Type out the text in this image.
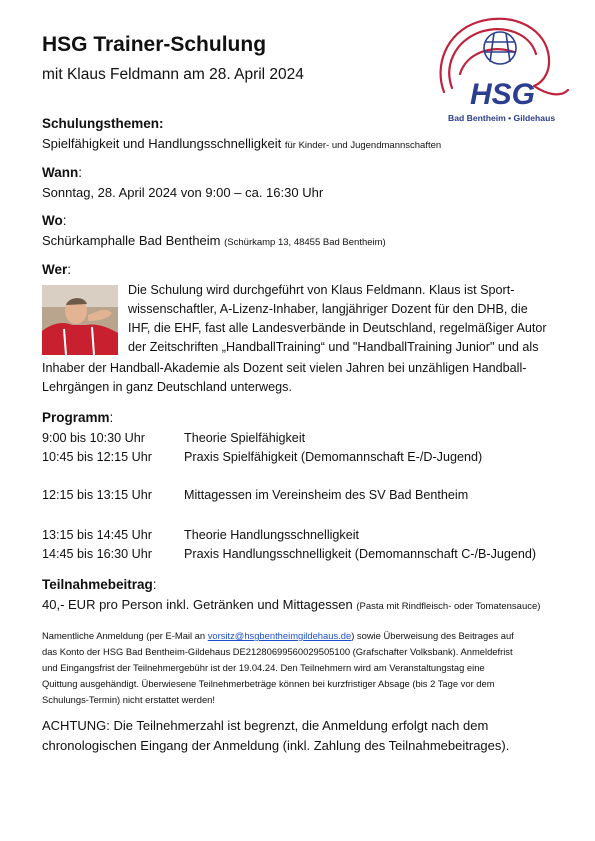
HSG Trainer-Schulung
mit Klaus Feldmann am 28. April 2024
HSG
Bad Bentheim • Gildehaus
Schulungsthemen:
Spielfähigkeit und Handlungsschnelligkeit für Kinder- und Jugendmannschaften
Wann:
Sonntag, 28. April 2024 von 9:00 – ca. 16:30 Uhr
Wo:
Schürkamphalle Bad Bentheim (Schürkamp 13, 48455 Bad Bentheim)
Wer:
Die Schulung wird durchgeführt von Klaus Feldmann. Klaus ist Sport-
wissenschaftler, A-Lizenz-Inhaber, langjähriger Dozent für den DHB, die
IHF, die EHF, fast alle Landesverbände in Deutschland, regelmäßiger Autor
der Zeitschriften „HandballTraining“ und "HandballTraining Junior" und als
Inhaber der Handball-Akademie als Dozent seit vielen Jahren bei unzähligen Handball-
Lehrgängen in ganz Deutschland unterwegs.
Programm:
9:00 bis 10:30 Uhr	Theorie Spielfähigkeit
10:45 bis 12:15 Uhr	Praxis Spielfähigkeit (Demomannschaft E-/D-Jugend)
12:15 bis 13:15 Uhr	Mittagessen im Vereinsheim des SV Bad Bentheim
13:15 bis 14:45 Uhr	Theorie Handlungsschnelligkeit
14:45 bis 16:30 Uhr	Praxis Handlungsschnelligkeit (Demomannschaft C-/B-Jugend)
Teilnahmebeitrag:
40,- EUR pro Person inkl. Getränken und Mittagessen (Pasta mit Rindfleisch- oder Tomatensauce)
Namentliche Anmeldung (per E-Mail an vorsitz@hsgbentheimgildehaus.de) sowie Überweisung des Beitrages auf
das Konto der HSG Bad Bentheim-Gildehaus DE21280699560029505100 (Grafschafter Volksbank). Anmeldefrist
und Eingangsfrist der Teilnehmergebühr ist der 19.04.24. Den Teilnehmern wird am Veranstaltungstag eine
Quittung ausgehändigt. Überwiesene Teilnehmerbeträge können bei kurzfristiger Absage (bis 2 Tage vor dem
Schulungs-Termin) nicht erstattet werden!
ACHTUNG: Die Teilnehmerzahl ist begrenzt, die Anmeldung erfolgt nach dem
chronologischen Eingang der Anmeldung (inkl. Zahlung des Teilnahmebeitrages).
